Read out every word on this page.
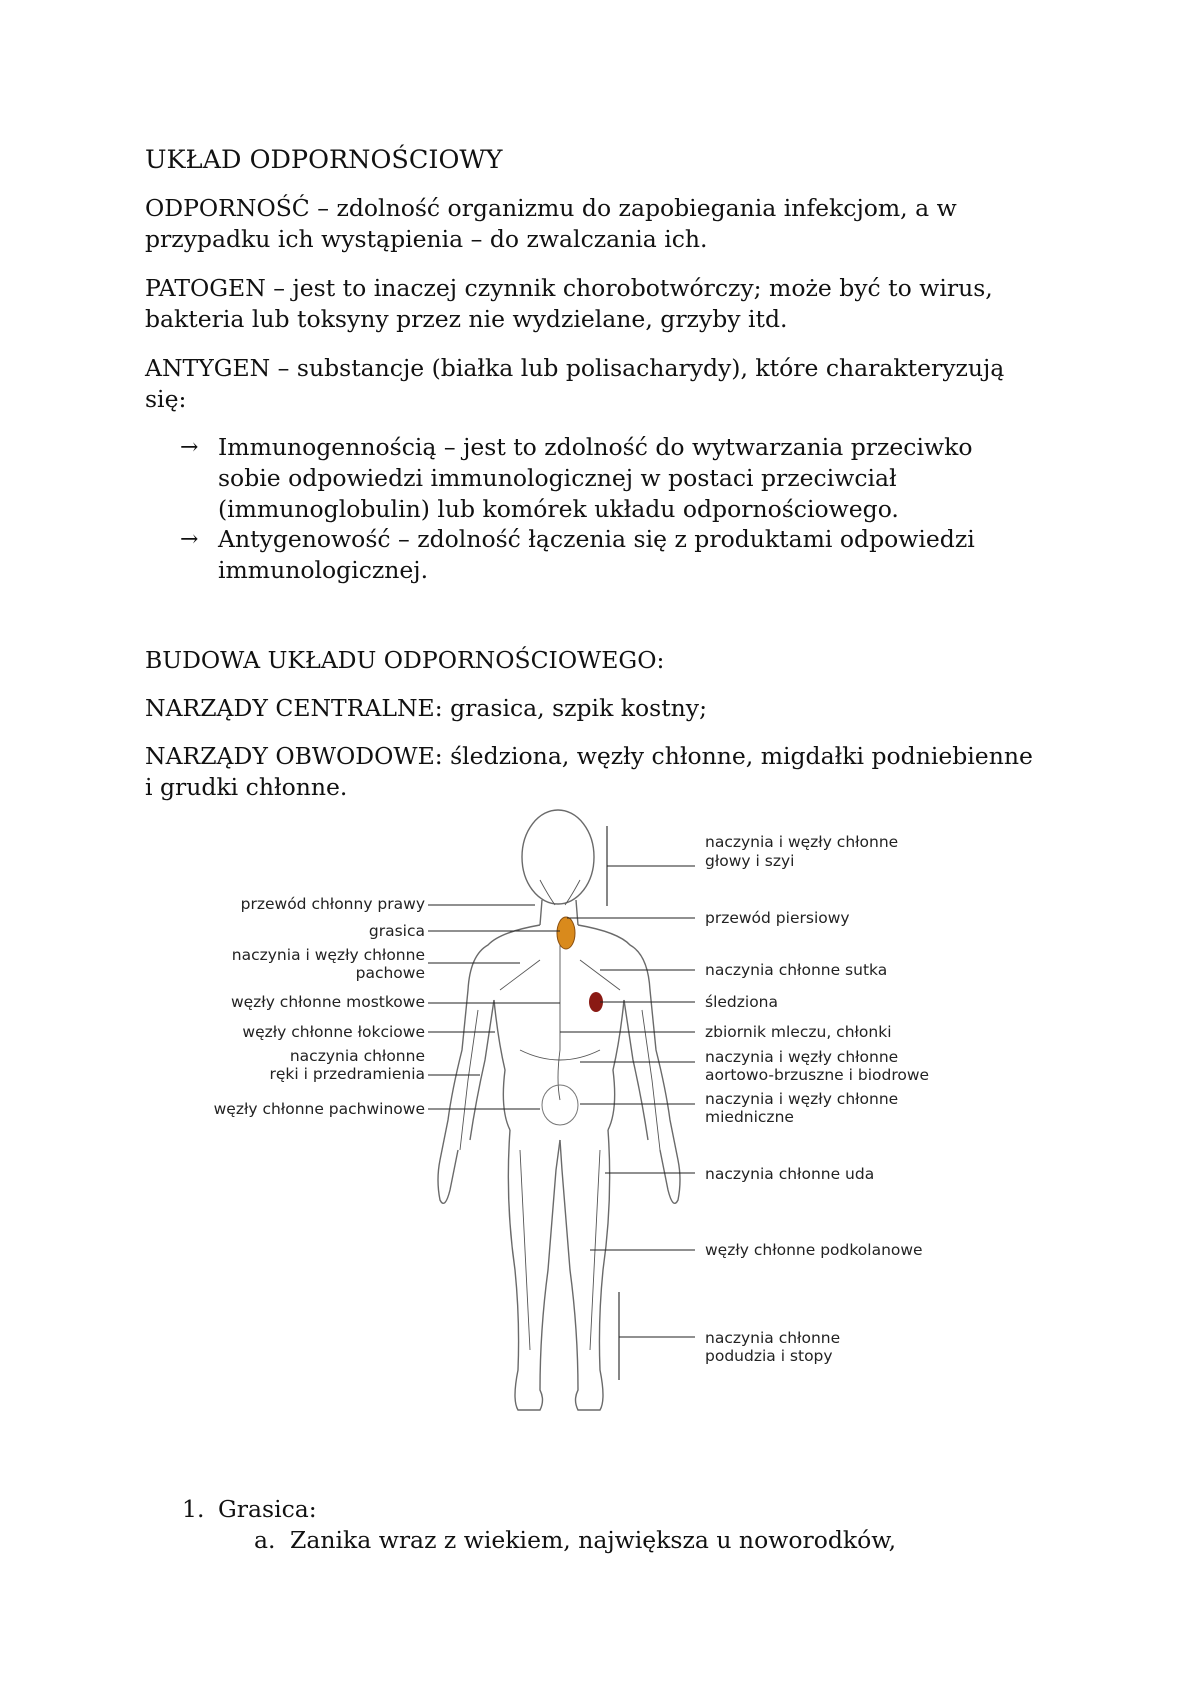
UKŁAD ODPORNOŚCIOWY

ODPORNOŚĆ – zdolność organizmu do zapobiegania infekcjom, a w

przypadku ich wystąpienia – do zwalczania ich.

PATOGEN – jest to inaczej czynnik chorobotwórczy; może być to wirus,

bakteria lub toksyny przez nie wydzielane, grzyby itd.

ANTYGEN – substancje (białka lub polisacharydy), które charakteryzują

się:

→ Immunogennością – jest to zdolność do wytwarzania przeciwko

sobie odpowiedzi immunologicznej w postaci przeciwciał

(immunoglobulin) lub komórek układu odpornościowego.

→ Antygenowość – zdolność łączenia się z produktami odpowiedzi

immunologicznej.

BUDOWA UKŁADU ODPORNOŚCIOWEGO:

NARZĄDY CENTRALNE: grasica, szpik kostny;

NARZĄDY OBWODOWE: śledziona, węzły chłonne, migdałki podniebienne

i grudki chłonne.

przewód chłonny prawy
grasica
naczynia i węzły chłonne
pachowe
węzły chłonne mostkowe
węzły chłonne łokciowe
naczynia chłonne
ręki i przedramienia
węzły chłonne pachwinowe
naczynia i węzły chłonne
głowy i szyi
przewód piersiowy
naczynia chłonne sutka
śledziona
zbiornik mleczu, chłonki
naczynia i węzły chłonne
aortowo-brzuszne i biodrowe
naczynia i węzły chłonne
miedniczne
naczynia chłonne uda
węzły chłonne podkolanowe
naczynia chłonne
podudzia i stopy
1. Grasica:

a. Zanika wraz z wiekiem, największa u noworodków,
